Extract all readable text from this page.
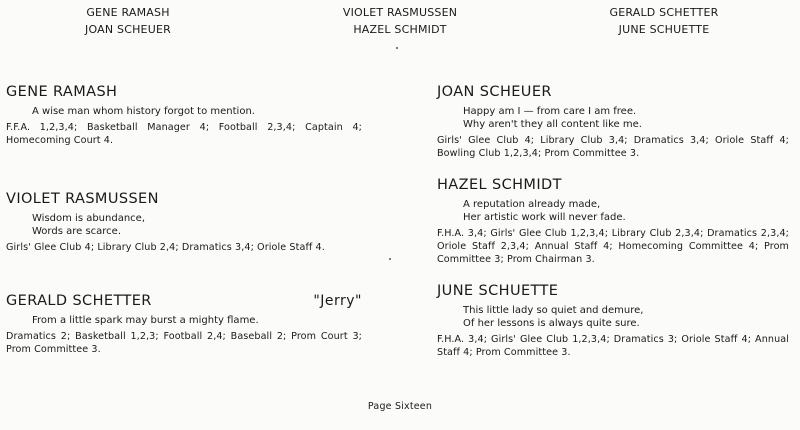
GENE RAMASH
JOAN SCHEUER
VIOLET RASMUSSEN
HAZEL SCHMIDT
GERALD SCHETTER
JUNE SCHUETTE
GENE RAMASH
A wise man whom history forgot to mention.
F.F.A. 1,2,3,4; Basketball Manager 4; Football 2,3,4; Captain 4; Homecoming Court 4.
VIOLET RASMUSSEN
Wisdom is abundance,
Words are scarce.
Girls' Glee Club 4; Library Club 2,4; Dramatics 3,4; Oriole Staff 4.
GERALD SCHETTER	"Jerry"
From a little spark may burst a mighty flame.
Dramatics 2; Basketball 1,2,3; Football 2,4; Baseball 2; Prom Court 3; Prom Committee 3.
JOAN SCHEUER
Happy am I — from care I am free.
Why aren't they all content like me.
Girls' Glee Club 4; Library Club 3,4; Dramatics 3,4; Oriole Staff 4; Bowling Club 1,2,3,4; Prom Committee 3.
HAZEL SCHMIDT
A reputation already made,
Her artistic work will never fade.
F.H.A. 3,4; Girls' Glee Club 1,2,3,4; Library Club 2,3,4; Dramatics 2,3,4; Oriole Staff 2,3,4; Annual Staff 4; Homecoming Committee 4; Prom Committee 3; Prom Chairman 3.
JUNE SCHUETTE
This little lady so quiet and demure,
Of her lessons is always quite sure.
F.H.A. 3,4; Girls' Glee Club 1,2,3,4; Dramatics 3; Oriole Staff 4; Annual Staff 4; Prom Committee 3.
Page Sixteen
